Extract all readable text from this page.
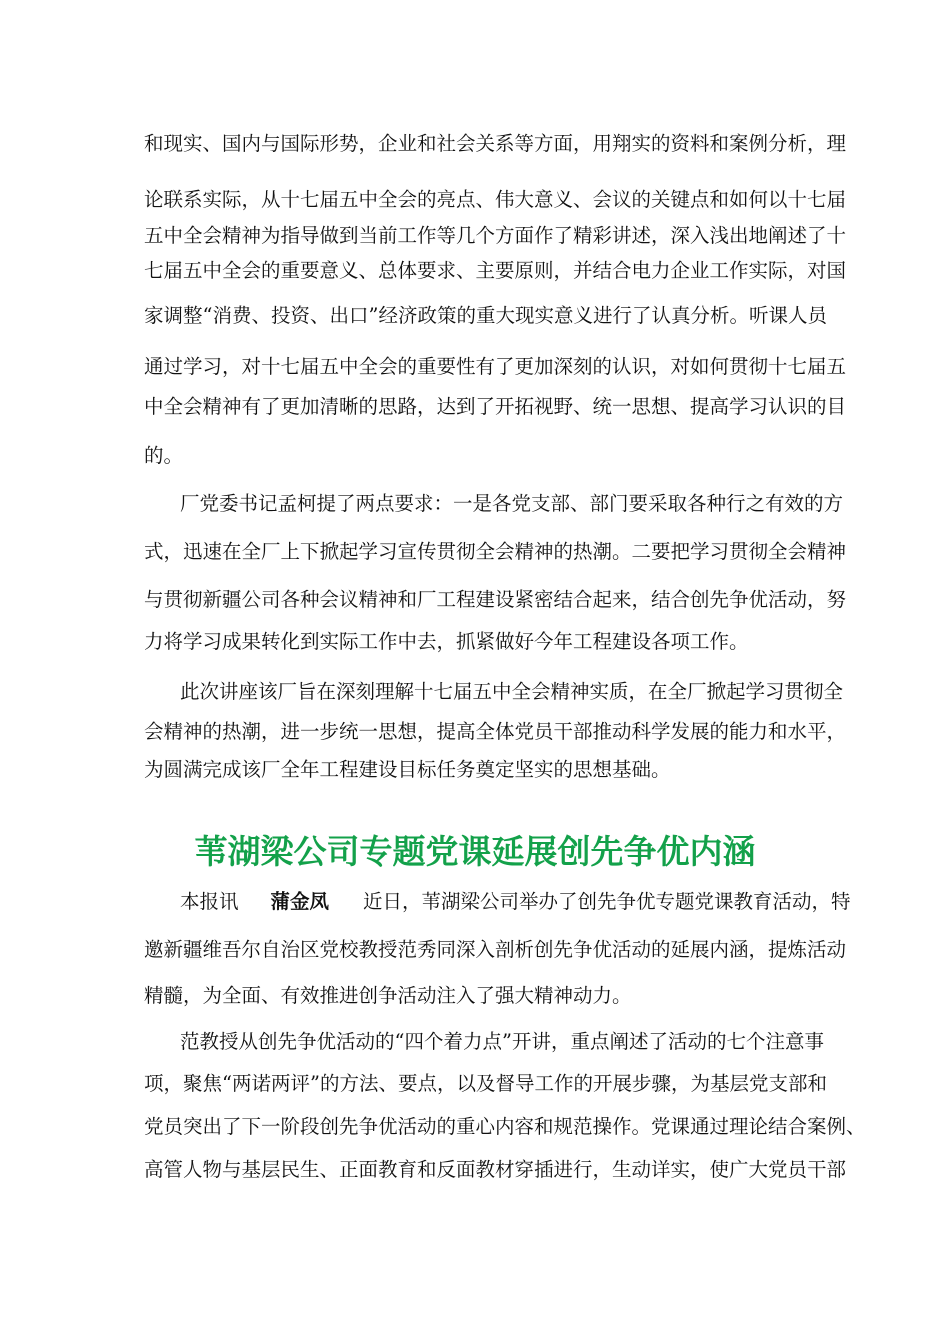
和现实、国内与国际形势，企业和社会关系等方面，用翔实的资料和案例分析，理
论联系实际，从十七届五中全会的亮点、伟大意义、会议的关键点和如何以十七届
五中全会精神为指导做到当前工作等几个方面作了精彩讲述，深入浅出地阐述了十
七届五中全会的重要意义、总体要求、主要原则，并结合电力企业工作实际，对国
家调整“消费、投资、出口”经济政策的重大现实意义进行了认真分析。听课人员
通过学习，对十七届五中全会的重要性有了更加深刻的认识，对如何贯彻十七届五
中全会精神有了更加清晰的思路，达到了开拓视野、统一思想、提高学习认识的目
的。
厂党委书记孟柯提了两点要求：一是各党支部、部门要采取各种行之有效的方
式，迅速在全厂上下掀起学习宣传贯彻全会精神的热潮。二要把学习贯彻全会精神
与贯彻新疆公司各种会议精神和厂工程建设紧密结合起来，结合创先争优活动，努
力将学习成果转化到实际工作中去，抓紧做好今年工程建设各项工作。
此次讲座该厂旨在深刻理解十七届五中全会精神实质，在全厂掀起学习贯彻全
会精神的热潮，进一步统一思想，提高全体党员干部推动科学发展的能力和水平，
为圆满完成该厂全年工程建设目标任务奠定坚实的思想基础。
苇湖梁公司专题党课延展创先争优内涵
本报讯 蒲金凤 近日，苇湖梁公司举办了创先争优专题党课教育活动，特
邀新疆维吾尔自治区党校教授范秀同深入剖析创先争优活动的延展内涵，提炼活动
精髓，为全面、有效推进创争活动注入了强大精神动力。
范教授从创先争优活动的“四个着力点”开讲，重点阐述了活动的七个注意事
项，聚焦“两诺两评”的方法、要点，以及督导工作的开展步骤，为基层党支部和
党员突出了下一阶段创先争优活动的重心内容和规范操作。党课通过理论结合案例、
高管人物与基层民生、正面教育和反面教材穿插进行，生动详实，使广大党员干部
